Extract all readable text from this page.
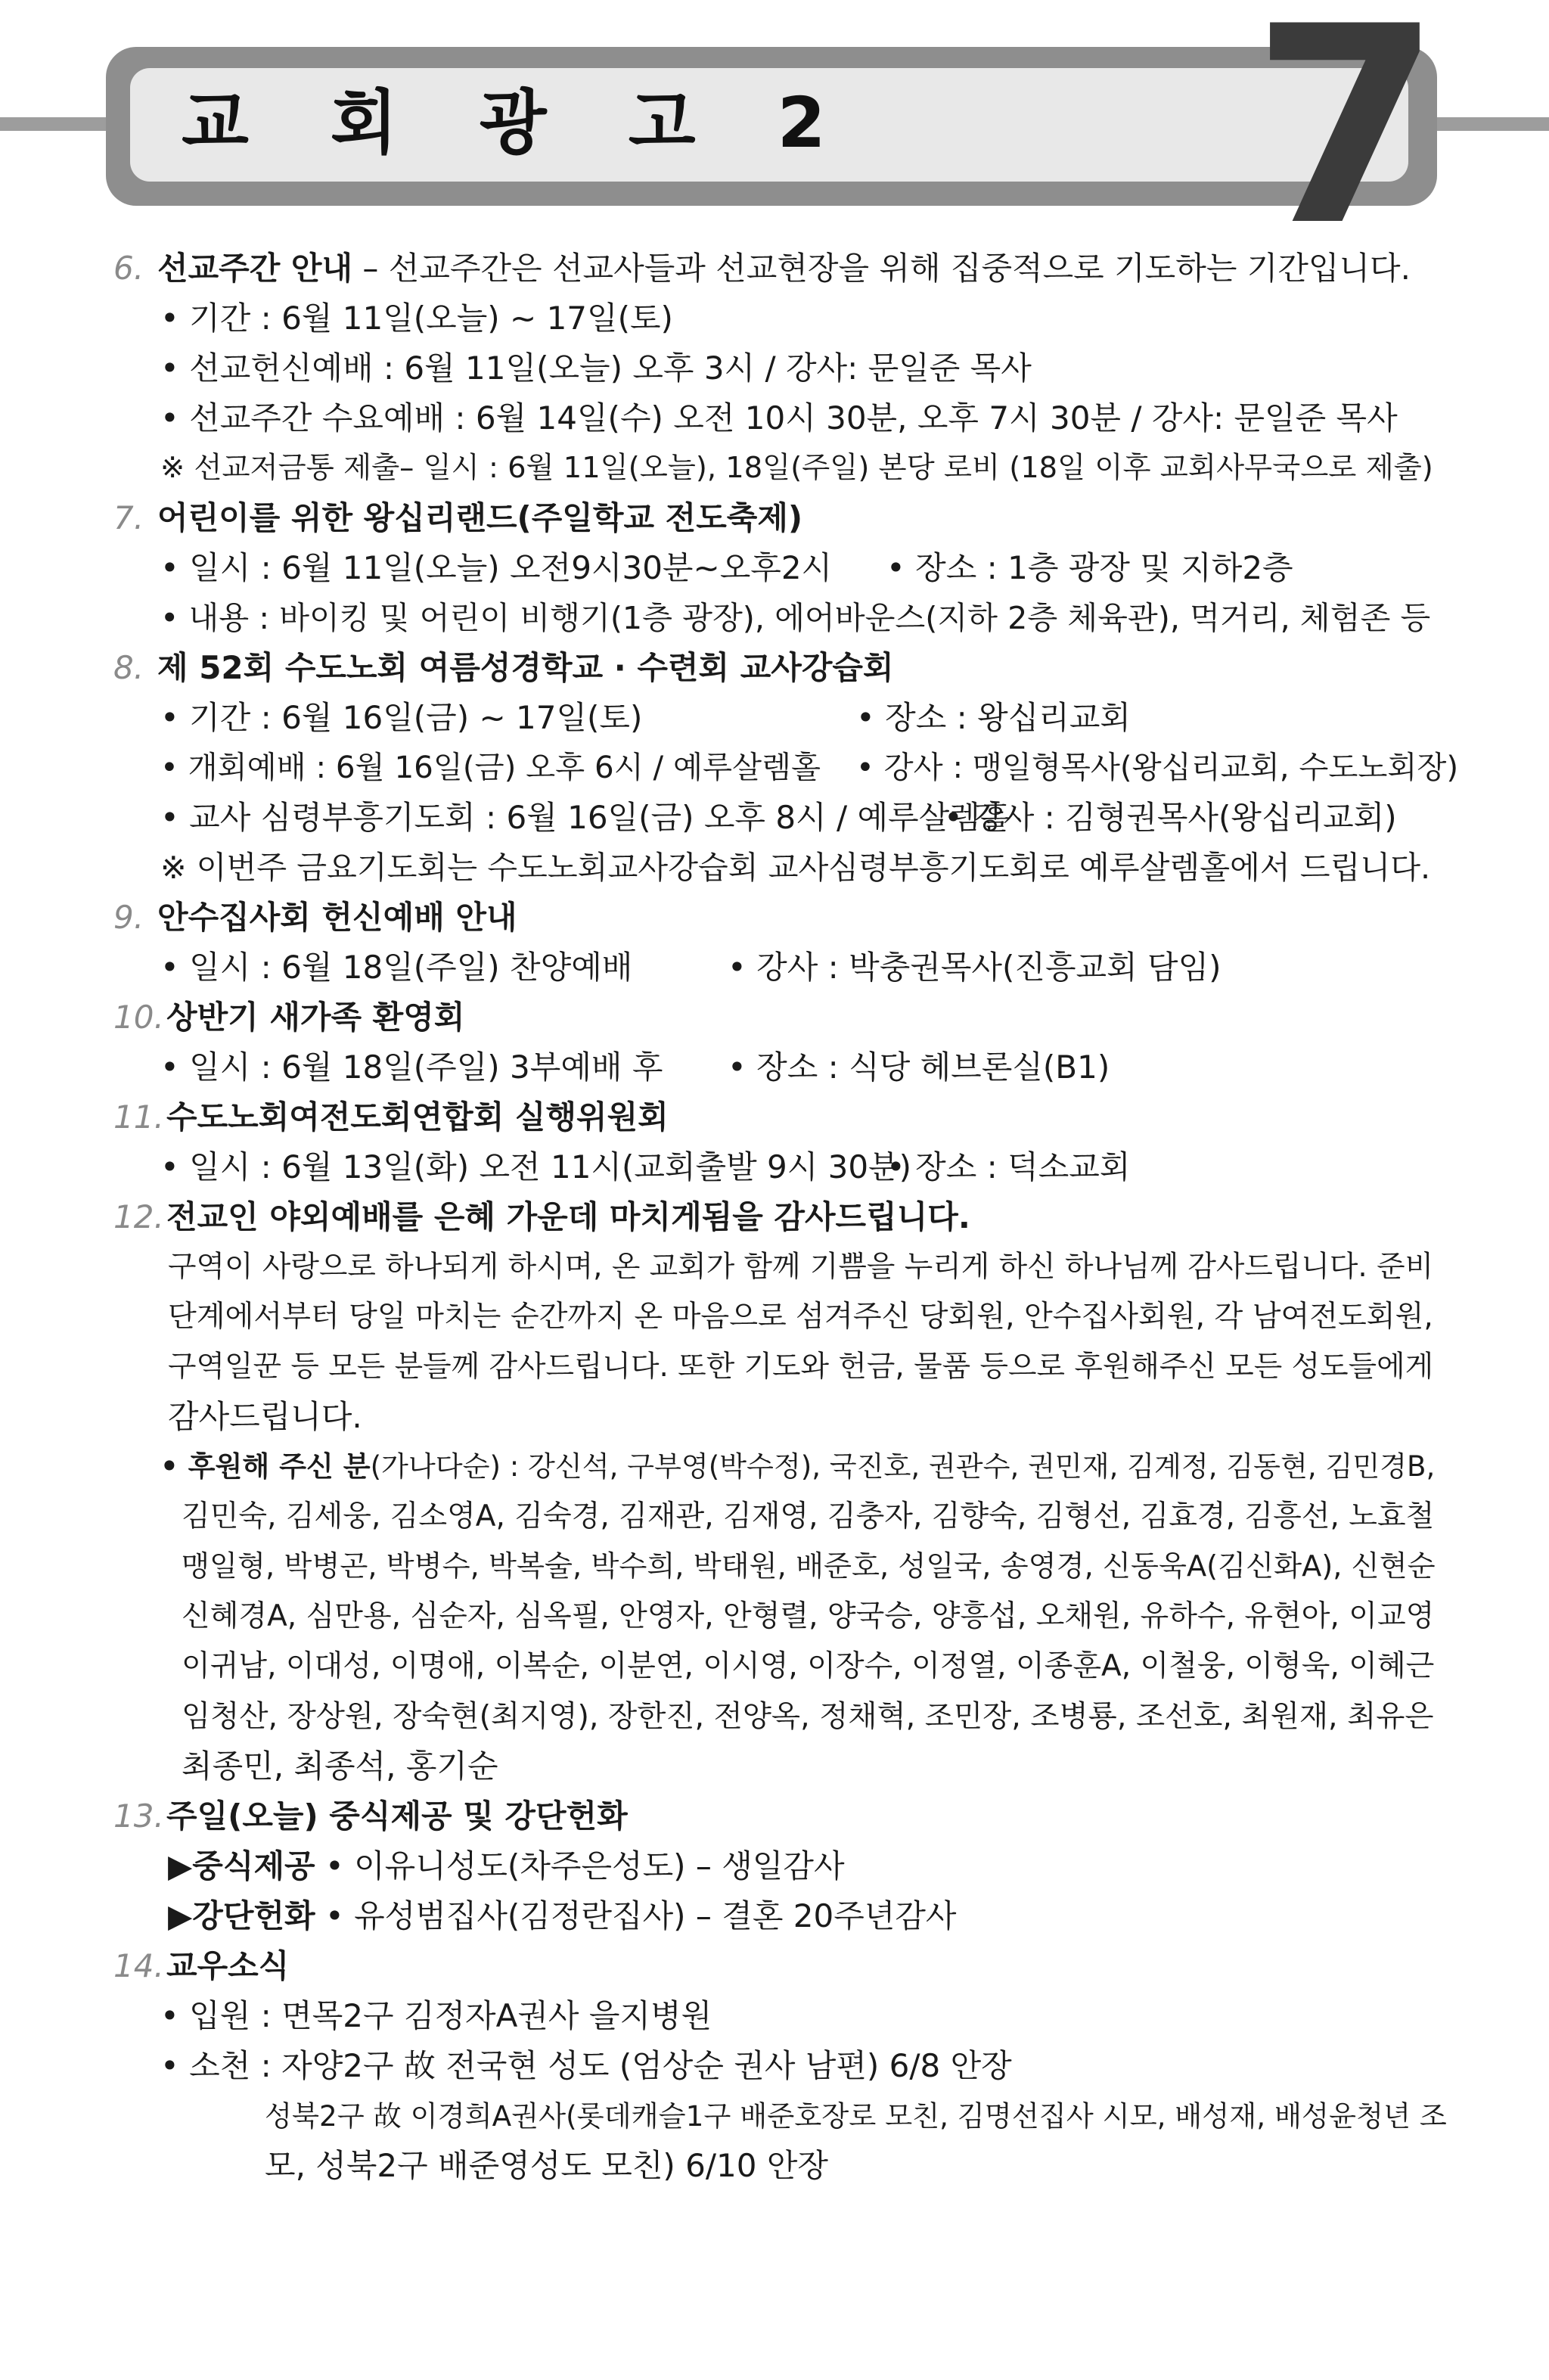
교 회 광 고 2 7
6. 선교주간 안내 – 선교주간은 선교사들과 선교현장을 위해 집중적으로 기도하는 기간입니다.
• 기간 : 6월 11일(오늘) ~ 17일(토)
• 선교헌신예배 : 6월 11일(오늘) 오후 3시 / 강사: 문일준 목사
• 선교주간 수요예배 : 6월 14일(수) 오전 10시 30분, 오후 7시 30분 / 강사: 문일준 목사
※ 선교저금통 제출– 일시 : 6월 11일(오늘), 18일(주일) 본당 로비 (18일 이후 교회사무국으로 제출)
7. 어린이를 위한 왕십리랜드(주일학교 전도축제)
• 일시 : 6월 11일(오늘) 오전9시30분~오후2시 • 장소 : 1층 광장 및 지하2층
• 내용 : 바이킹 및 어린이 비행기(1층 광장), 에어바운스(지하 2층 체육관), 먹거리, 체험존 등
8. 제 52회 수도노회 여름성경학교 · 수련회 교사강습회
• 기간 : 6월 16일(금) ~ 17일(토)	• 장소 : 왕십리교회
• 개회예배 : 6월 16일(금) 오후 6시 / 예루살렘홀 • 강사 : 맹일형목사(왕십리교회, 수도노회장)
• 교사 심령부흥기도회 : 6월 16일(금) 오후 8시 / 예루살렘홀
• 강사 : 김형권목사(왕십리교회)
※ 이번주 금요기도회는 수도노회교사강습회 교사심령부흥기도회로 예루살렘홀에서 드립니다.
9. 안수집사회 헌신예배 안내
• 일시 : 6월 18일(주일) 찬양예배	• 강사 : 박충권목사(진흥교회 담임)
10.상반기 새가족 환영회
• 일시 : 6월 18일(주일) 3부예배 후 • 장소 : 식당 헤브론실(B1)
11.수도노회여전도회연합회 실행위원회
• 일시 : 6월 13일(화) 오전 11시(교회출발 9시 30분)
• 장소 : 덕소교회
12.전교인 야외예배를 은혜 가운데 마치게됨을 감사드립니다.
구역이 사랑으로 하나되게 하시며, 온 교회가 함께 기쁨을 누리게 하신 하나님께 감사드립니다. 준비
단계에서부터 당일 마치는 순간까지 온 마음으로 섬겨주신 당회원, 안수집사회원, 각 남여전도회원,
구역일꾼 등 모든 분들께 감사드립니다. 또한 기도와 헌금, 물품 등으로 후원해주신 모든 성도들에게
감사드립니다.
• 후원해 주신 분(가나다순) : 강신석, 구부영(박수정), 국진호, 권관수, 권민재, 김계정, 김동현, 김민경B,
김민숙, 김세웅, 김소영A, 김숙경, 김재관, 김재영, 김충자, 김향숙, 김형선, 김효경, 김흥선, 노효철
맹일형, 박병곤, 박병수, 박복술, 박수희, 박태원, 배준호, 성일국, 송영경, 신동욱A(김신화A), 신현순
신혜경A, 심만용, 심순자, 심옥필, 안영자, 안형렬, 양국승, 양흥섭, 오채원, 유하수, 유현아, 이교영
이귀남, 이대성, 이명애, 이복순, 이분연, 이시영, 이장수, 이정열, 이종훈A, 이철웅, 이형욱, 이혜근
임청산, 장상원, 장숙현(최지영), 장한진, 전양옥, 정채혁, 조민장, 조병룡, 조선호, 최원재, 최유은
최종민, 최종석, 홍기순
13.주일(오늘) 중식제공 및 강단헌화
▶중식제공 • 이유니성도(차주은성도) – 생일감사
▶강단헌화 • 유성범집사(김정란집사) – 결혼 20주년감사
14.교우소식
• 입원 : 면목2구 김정자A권사 을지병원
• 소천 : 자양2구 故 전국현 성도 (엄상순 권사 남편) 6/8 안장
성북2구 故 이경희A권사(롯데캐슬1구 배준호장로 모친, 김명선집사 시모, 배성재, 배성윤청년 조
모, 성북2구 배준영성도 모친) 6/10 안장
